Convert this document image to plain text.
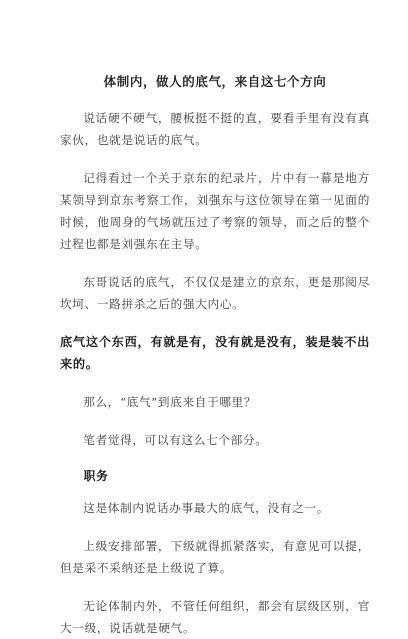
体制内，做人的底气，来自这七个方向

说话硬不硬气，腰板挺不挺的直，要看手里有没有真家伙，也就是说话的底气。

记得看过一个关于京东的纪录片，片中有一幕是地方某领导到京东考察工作，刘强东与这位领导在第一见面的时候，他周身的气场就压过了考察的领导，而之后的整个过程也都是刘强东在主导。

东哥说话的底气，不仅仅是建立的京东，更是那阅尽坎坷、一路拼杀之后的强大内心。

底气这个东西，有就是有，没有就是没有，装是装不出来的。

那么，“底气”到底来自于哪里？

笔者觉得，可以有这么七个部分。

职务

这是体制内说话办事最大的底气，没有之一。

上级安排部署，下级就得抓紧落实，有意见可以提，但是采不采纳还是上级说了算。

无论体制内外，不管任何组织，都会有层级区别，官大一级，说话就是硬气。
